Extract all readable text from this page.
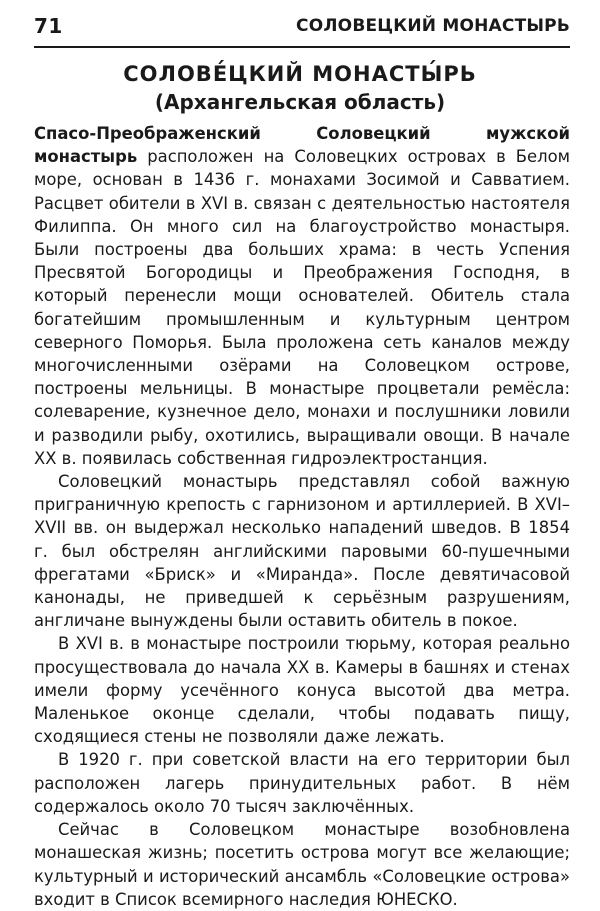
71	СОЛОВЕЦКИЙ МОНАСТЫРЬ
СОЛОВЕ́ЦКИЙ МОНАСТЫ́РЬ
(Архангельская область)

Спасо-Преображенский Соловецкий мужской монастырь расположен на Соловецких островах в Белом море, основан в 1436 г. монахами Зосимой и Савватием. Расцвет обители в XVI в. связан с деятельностью настоятеля Филиппа. Он много сил на благоустройство монастыря. Были построены два больших храма: в честь Успения Пресвятой Богородицы и Преображения Господня, в который перенесли мощи основателей. Обитель стала богатейшим промышленным и культурным центром северного Поморья. Была проложена сеть каналов между многочисленными озёрами на Соловецком острове, построены мельницы. В монастыре процветали ремёсла: солеварение, кузнечное дело, монахи и послушники ловили и разводили рыбу, охотились, выращивали овощи. В начале XX в. появилась собственная гидроэлектростанция.

Соловецкий монастырь представлял собой важную приграничную крепость с гарнизоном и артиллерией. В XVI–XVII вв. он выдержал несколько нападений шведов. В 1854 г. был обстрелян английскими паровыми 60-пушечными фрегатами «Бриск» и «Миранда». После девятичасовой канонады, не приведшей к серьёзным разрушениям, англичане вынуждены были оставить обитель в покое.

В XVI в. в монастыре построили тюрьму, которая реально просуществовала до начала XX в. Камеры в башнях и стенах имели форму усечённого конуса высотой два метра. Маленькое оконце сделали, чтобы подавать пищу, сходящиеся стены не позволяли даже лежать.

В 1920 г. при советской власти на его территории был расположен лагерь принудительных работ. В нём содержалось около 70 тысяч заключённых.

Сейчас в Соловецком монастыре возобновлена монашеская жизнь; посетить острова могут все желающие; культурный и исторический ансамбль «Соловецкие острова» входит в Список всемирного наследия ЮНЕСКО.
